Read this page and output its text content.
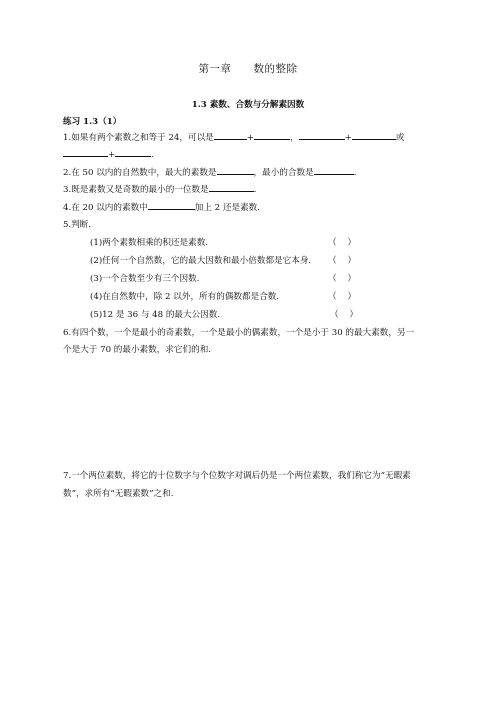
第一章 数的整除
1.3 素数、合数与分解素因数
练习 1.3（1）
1.如果有两个素数之和等于 24，可以是	+	，	+	或
+	.
2.在 50 以内的自然数中，最大的素数是	，最小的合数是	.
3.既是素数又是奇数的最小的一位数是	.
4.在 20 以内的素数中	加上 2 还是素数.
5.判断.
(1)两个素数相乘的积还是素数.	（    ）
(2)任何一个自然数，它的最大因数和最小倍数都是它本身. （    ）
(3)一个合数至少有三个因数.	（    ）
(4)在自然数中，除 2 以外，所有的偶数都是合数.	（    ）
(5)12 是 36 与 48 的最大公因数.	（    ）
6.有四个数，一个是最小的奇素数，一个是最小的偶素数，一个是小于 30 的最大素数，另一
个是大于 70 的最小素数，求它们的和.
7.一个两位素数，将它的十位数字与个位数字对调后仍是一个两位素数，我们称它为“无暇素
数”，求所有“无暇素数”之和.
